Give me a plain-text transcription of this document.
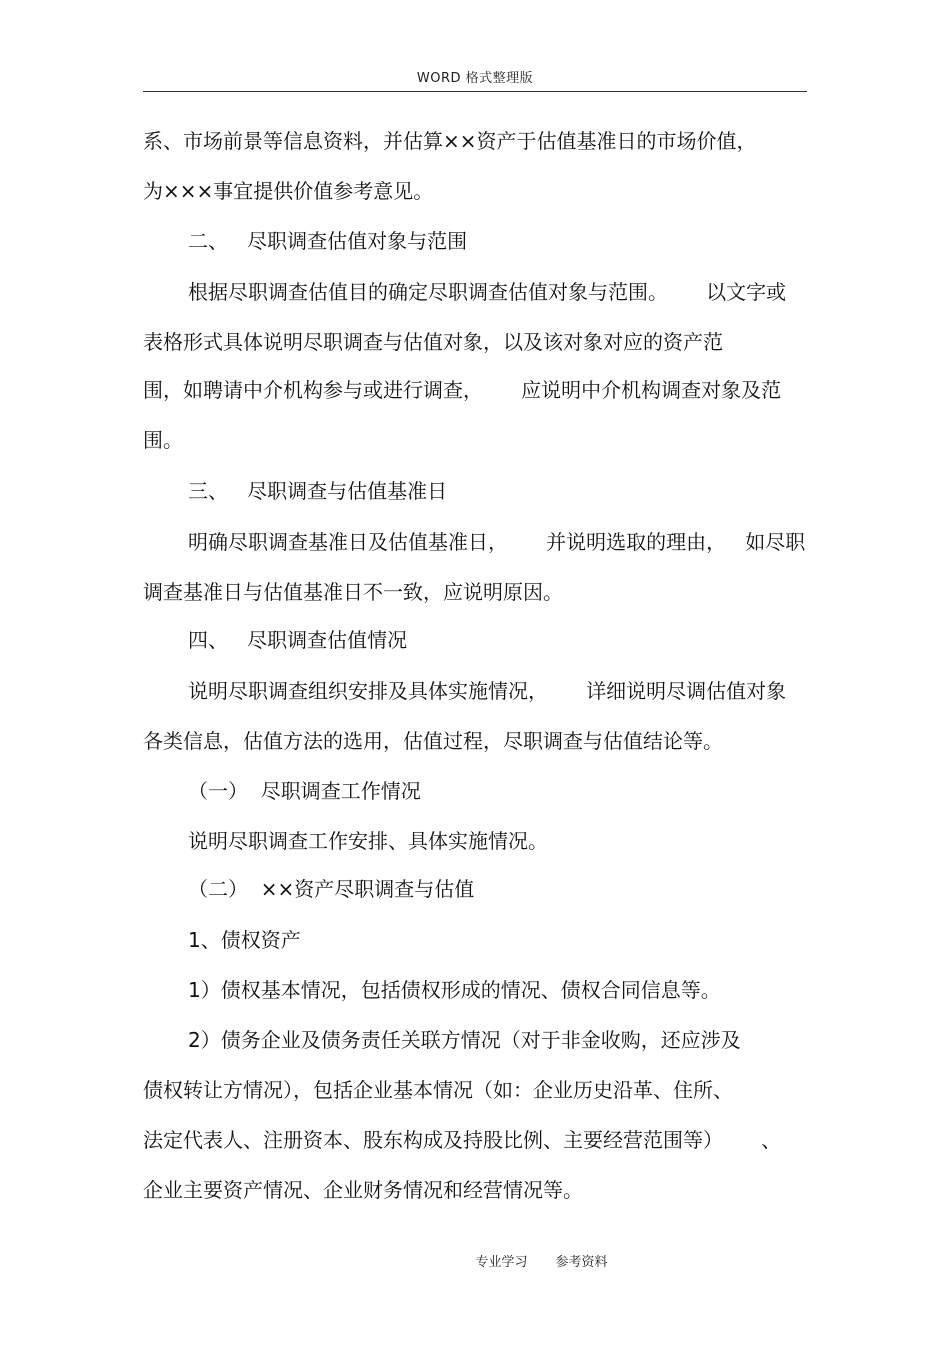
WORD 格式整理版
系、市场前景等信息资料，并估算××资产于估值基准日的市场价值，
为×××事宜提供价值参考意见。
二、   尽职调查估值对象与范围
根据尽职调查估值目的确定尽职调查估值对象与范围。      以文字或
表格形式具体说明尽职调查与估值对象，以及该对象对应的资产范
围，如聘请中介机构参与或进行调查，      应说明中介机构调查对象及范
围。
三、   尽职调查与估值基准日
明确尽职调查基准日及估值基准日，      并说明选取的理由，   如尽职
调查基准日与估值基准日不一致，应说明原因。
四、   尽职调查估值情况
说明尽职调查组织安排及具体实施情况，      详细说明尽调估值对象
各类信息，估值方法的选用，估值过程，尽职调查与估值结论等。
（一）  尽职调查工作情况
说明尽职调查工作安排、具体实施情况。
（二）  ××资产尽职调查与估值
1、债权资产
1）债权基本情况，包括债权形成的情况、债权合同信息等。
2）债务企业及债务责任关联方情况（对于非金收购，还应涉及
债权转让方情况），包括企业基本情况（如：企业历史沿革、住所、
法定代表人、注册资本、股东构成及持股比例、主要经营范围等）      、
企业主要资产情况、企业财务情况和经营情况等。
专业学习 参考资料
